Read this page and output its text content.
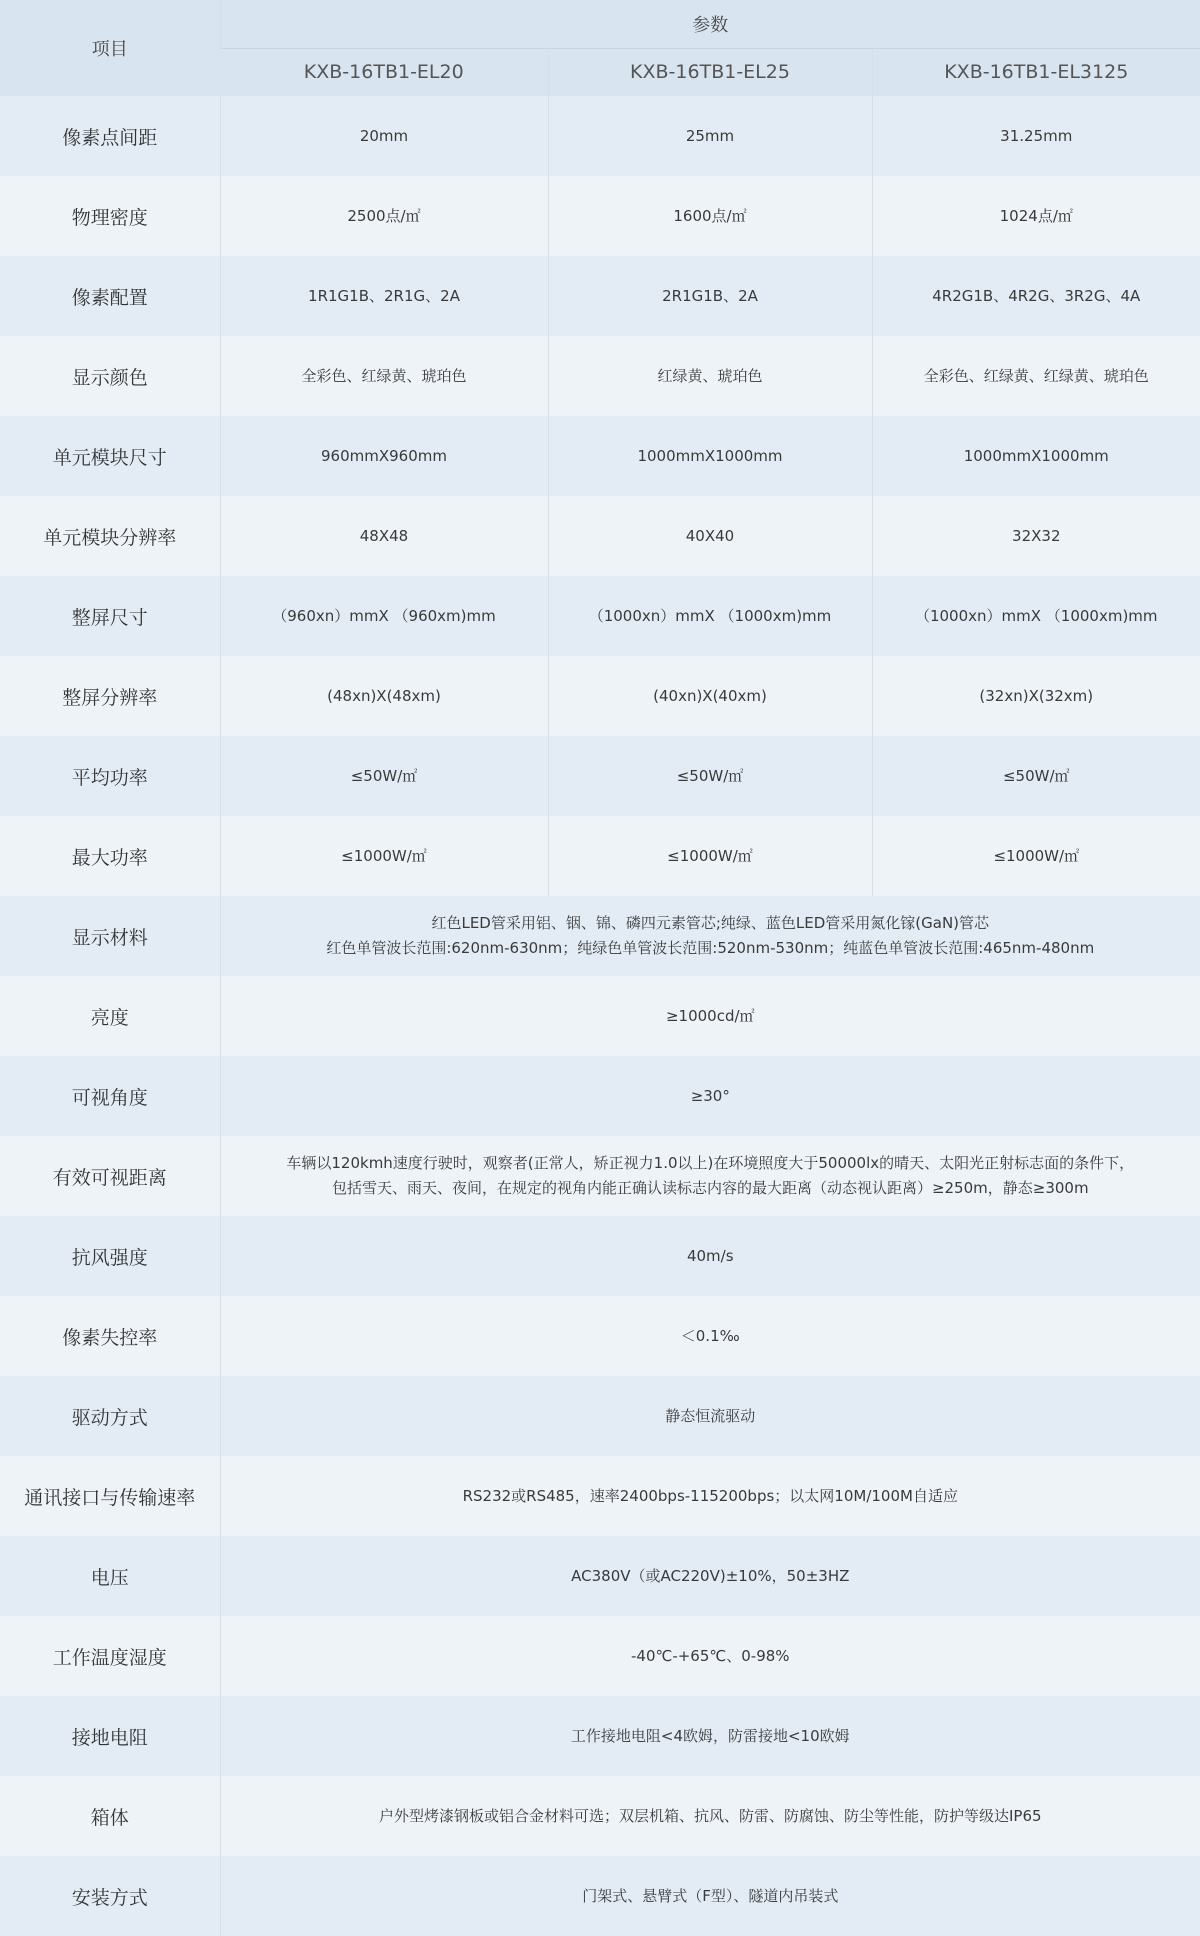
项目	参数		
	KXB-16TB1-EL20	KXB-16TB1-EL25	KXB-16TB1-EL3125
像素点间距	20mm	25mm	31.25mm
物理密度	2500点/㎡	1600点/㎡	1024点/㎡
像素配置	1R1G1B、2R1G、2A	2R1G1B、2A	4R2G1B、4R2G、3R2G、4A
显示颜色	全彩色、红绿黄、琥珀色	红绿黄、琥珀色	全彩色、红绿黄、红绿黄、琥珀色
单元模块尺寸	960mmX960mm	1000mmX1000mm	1000mmX1000mm
单元模块分辨率	48X48	40X40	32X32
整屏尺寸	（960xn）mmX （960xm)mm	（1000xn）mmX （1000xm)mm	（1000xn）mmX （1000xm)mm
整屏分辨率	(48xn)X(48xm)	(40xn)X(40xm)	(32xn)X(32xm)
平均功率	≤50W/㎡	≤50W/㎡	≤50W/㎡
最大功率	≤1000W/㎡	≤1000W/㎡	≤1000W/㎡
显示材料	红色LED管采用铝、铟、锦、磷四元素管芯;纯绿、蓝色LED管采用氮化镓(GaN)管芯
红色单管波长范围:620nm-630nm；纯绿色单管波长范围:520nm-530nm；纯蓝色单管波长范围:465nm-480nm		

亮度	≥1000cd/㎡		

可视角度	≥30°		

有效可视距离	车辆以120kmh速度行驶时，观察者(正常人，矫正视力1.0以上)在环境照度大于50000lx的晴天、太阳光正射标志面的条件下，
包括雪天、雨天、夜间，在规定的视角内能正确认读标志内容的最大距离（动态视认距离）≥250m，静态≥300m		

抗风强度	40m/s		

像素失控率	＜0.1‰		

驱动方式	静态恒流驱动		

通讯接口与传输速率	RS232或RS485，速率2400bps-115200bps；以太网10M/100M自适应		

电压	AC380V（或AC220V)±10%，50±3HZ		

工作温度湿度	-40℃-+65℃、0-98%		

接地电阻	工作接地电阻<4欧姆，防雷接地<10欧姆		

箱体	户外型烤漆钢板或铝合金材料可选；双层机箱、抗风、防雷、防腐蚀、防尘等性能，防护等级达IP65		

安装方式	门架式、悬臂式（F型）、隧道内吊装式		
